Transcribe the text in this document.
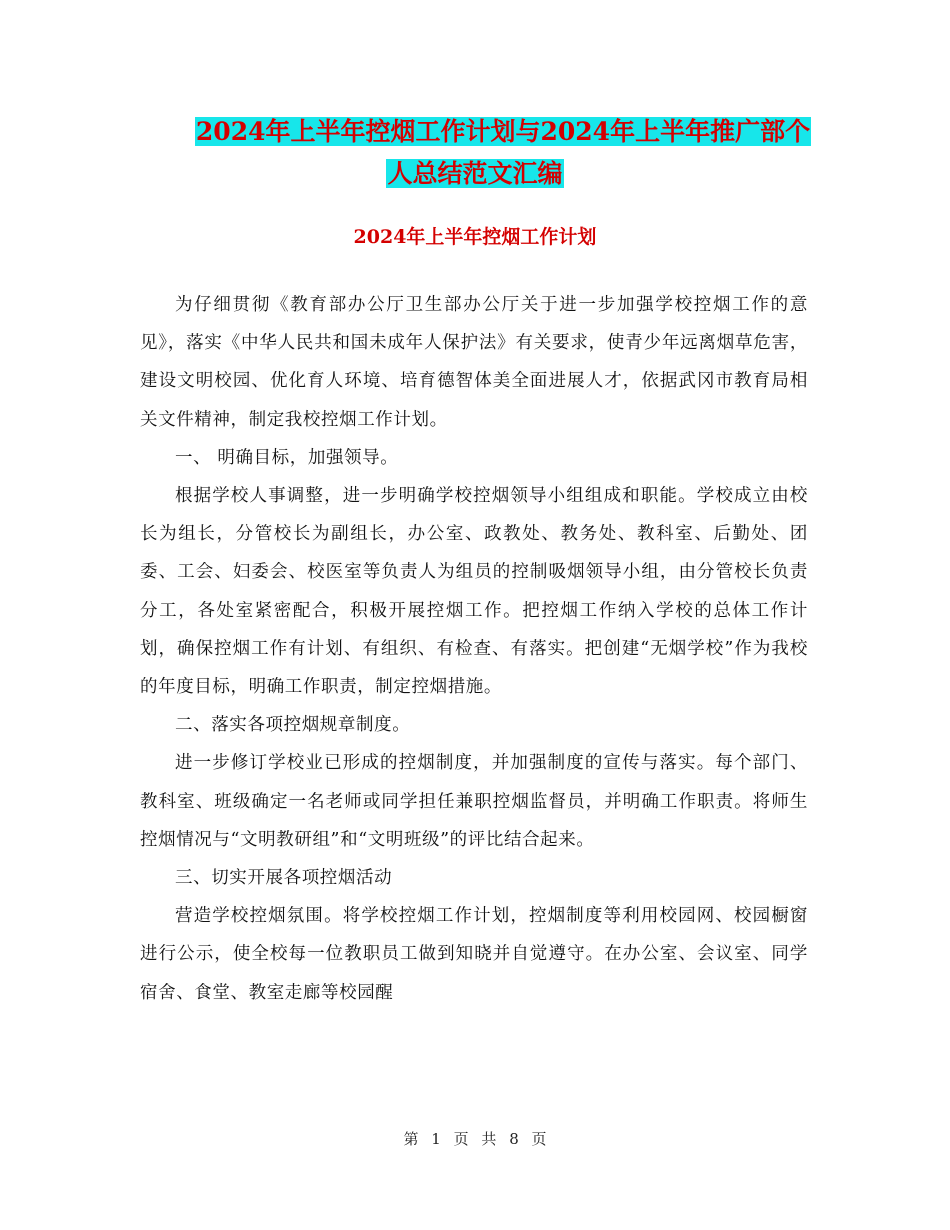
2024年上半年控烟工作计划与2024年上半年推广部个
人总结范文汇编
2024年上半年控烟工作计划

为仔细贯彻《教育部办公厅卫生部办公厅关于进一步加强学校控烟工作的意见》，落实《中华人民共和国未成年人保护法》有关要求，使青少年远离烟草危害，建设文明校园、优化育人环境、培育德智体美全面进展人才，依据武冈市教育局相关文件精神，制定我校控烟工作计划。

一、 明确目标，加强领导。

根据学校人事调整，进一步明确学校控烟领导小组组成和职能。学校成立由校长为组长，分管校长为副组长，办公室、政教处、教务处、教科室、后勤处、团委、工会、妇委会、校医室等负责人为组员的控制吸烟领导小组，由分管校长负责分工，各处室紧密配合，积极开展控烟工作。把控烟工作纳入学校的总体工作计划，确保控烟工作有计划、有组织、有检查、有落实。把创建“无烟学校”作为我校的年度目标，明确工作职责，制定控烟措施。

二、落实各项控烟规章制度。

进一步修订学校业已形成的控烟制度，并加强制度的宣传与落实。每个部门、教科室、班级确定一名老师或同学担任兼职控烟监督员，并明确工作职责。将师生控烟情况与“文明教研组”和“文明班级”的评比结合起来。

三、切实开展各项控烟活动

营造学校控烟氛围。将学校控烟工作计划，控烟制度等利用校园网、校园橱窗进行公示，使全校每一位教职员工做到知晓并自觉遵守。在办公室、会议室、同学宿舍、食堂、教室走廊等校园醒

第 1 页 共 8 页
